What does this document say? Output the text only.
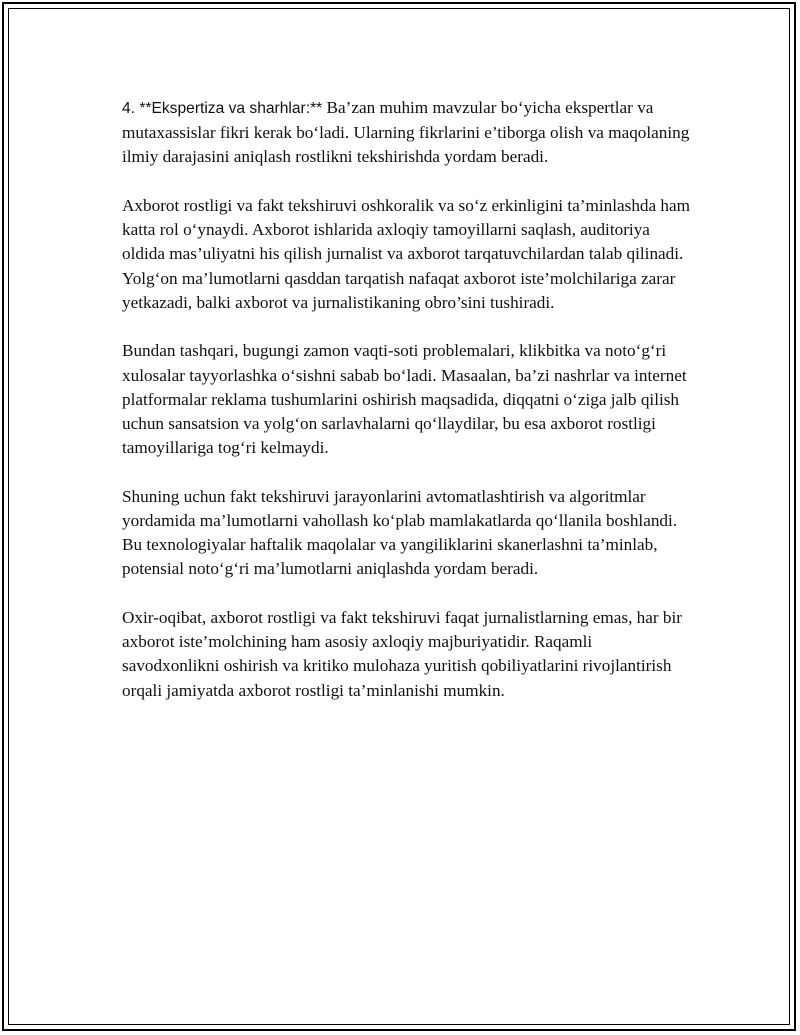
4. **Ekspertiza va sharhlar:** Ba’zan muhim mavzular bo‘yicha ekspertlar va mutaxassislar fikri kerak bo‘ladi. Ularning fikrlarini e’tiborga olish va maqolaning ilmiy darajasini aniqlash rostlikni tekshirishda yordam beradi.

Axborot rostligi va fakt tekshiruvi oshkoralik va so‘z erkinligini ta’minlashda ham katta rol o‘ynaydi. Axborot ishlarida axloqiy tamoyillarni saqlash, auditoriya oldida mas’uliyatni his qilish jurnalist va axborot tarqatuvchilardan talab qilinadi. Yolg‘on ma’lumotlarni qasddan tarqatish nafaqat axborot iste’molchilariga zarar yetkazadi, balki axborot va jurnalistikaning obro’sini tushiradi.

Bundan tashqari, bugungi zamon vaqti-soti problemalari, klikbitka va noto‘g‘ri xulosalar tayyorlashka o‘sishni sabab bo‘ladi. Masaalan, ba’zi nashrlar va internet platformalar reklama tushumlarini oshirish maqsadida, diqqatni o‘ziga jalb qilish uchun sansatsion va yolg‘on sarlavhalarni qo‘llaydilar, bu esa axborot rostligi tamoyillariga tog‘ri kelmaydi.

Shuning uchun fakt tekshiruvi jarayonlarini avtomatlashtirish va algoritmlar yordamida ma’lumotlarni vahollash ko‘plab mamlakatlarda qo‘llanila boshlandi. Bu texnologiyalar haftalik maqolalar va yangiliklarini skanerlashni ta’minlab, potensial noto‘g‘ri ma’lumotlarni aniqlashda yordam beradi.

Oxir-oqibat, axborot rostligi va fakt tekshiruvi faqat jurnalistlarning emas, har bir axborot iste’molchining ham asosiy axloqiy majburiyatidir. Raqamli savodxonlikni oshirish va kritiko mulohaza yuritish qobiliyatlarini rivojlantirish orqali jamiyatda axborot rostligi ta’minlanishi mumkin.
